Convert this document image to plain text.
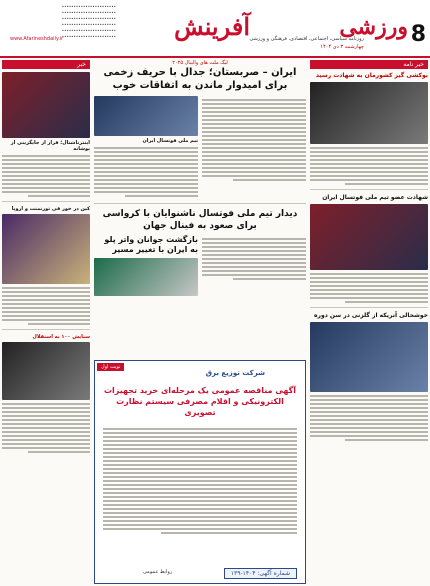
•••••••••••••••••••••••
•••••••••••••••••••••••
•••••••••••••••••••••••
•••••••••••••••••••••••
•••••••••••••••••••••••
•••••••••••••••••••••••	8
ورزشی
آفرینش روزنامه سیاسی، اجتماعی، اقتصادی، فرهنگی و ورزشی
چهارشنبه ۳ دی ۱۴۰۴
www.Afarineshdaily.ir
خبر نامه
بوکشی گیر کشورمان به شهادت رسید
شهادت عضو تیم ملی فوتسال ایران
خوشحالی آنریکه از گلزنی در سن دوره
لیگ ملت های والیبال ۲۰۲۵
ایران – صربستان؛ جدال با حریف زخمی برای امیدوار ماندن به اتفاقات خوب
تیم ملی فوتسال ایران
دیدار تیم ملی فوتسال ناشنوایان با کرواسی برای صعود به فینال جهان
بازگشت جوانان واتر پلو به ایران با تغییر مسیر
نوبت اول
شرکت توزیع برق
آگهی مناقصه عمومی یک مرحله‌ای خرید تجهیزات الکترونیکی و اقلام مصرفی سیستم نظارت تصویری
شماره آگهی: ۱۴۰۴-۱۳۹
روابط عمومی
خبر
اینترناشنال؛ فرار از جایگزینی از پوشانه
کین در خور فی تورنمنت و اروپا
ستایش ۱۰۰ به استقلال
